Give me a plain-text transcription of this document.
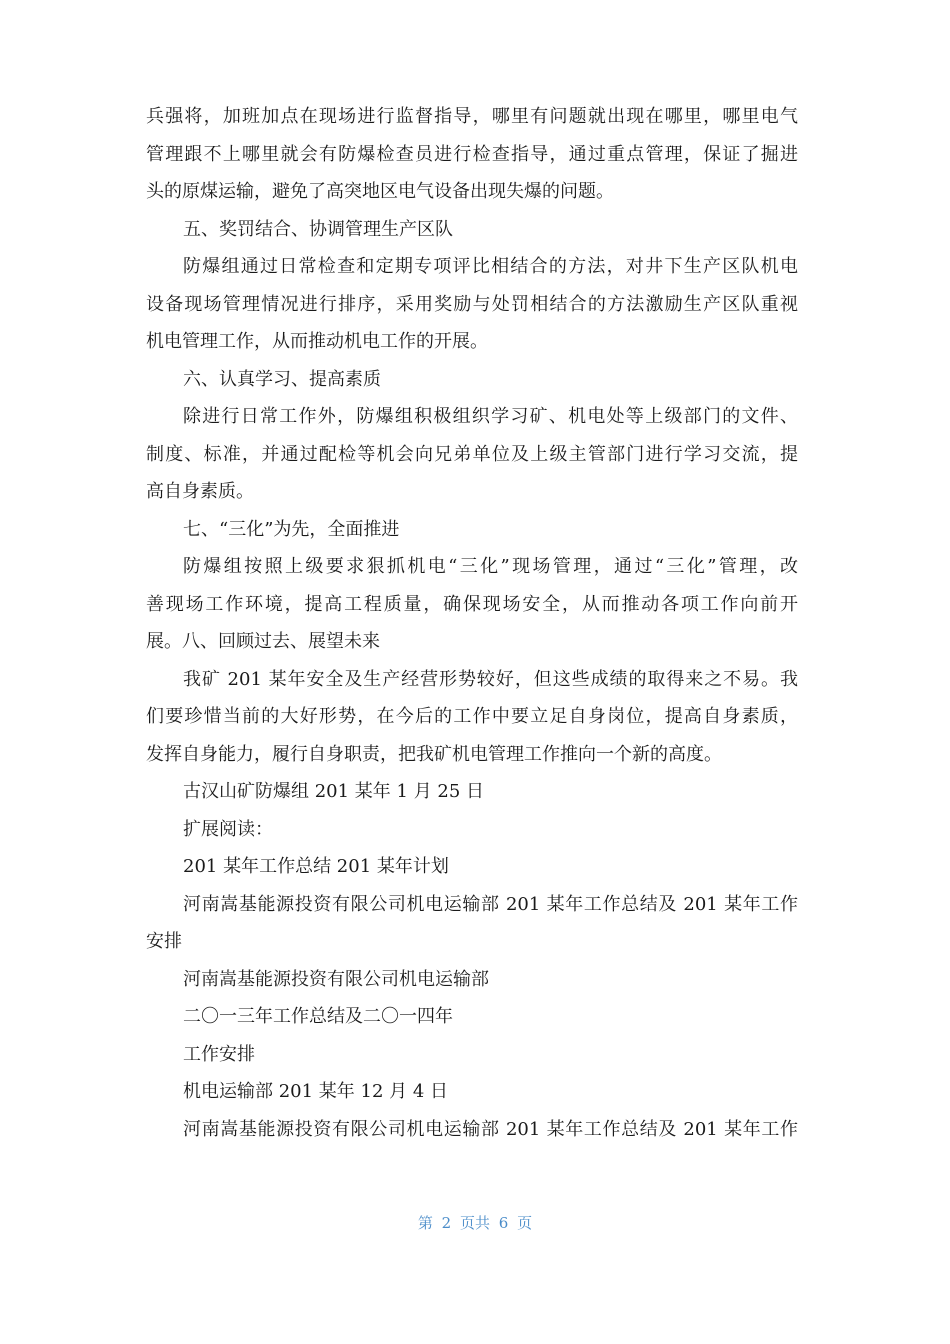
兵强将，加班加点在现场进行监督指导，哪里有问题就出现在哪里，哪里电气
管理跟不上哪里就会有防爆检查员进行检查指导，通过重点管理，保证了掘进
头的原煤运输，避免了高突地区电气设备出现失爆的问题。
五、奖罚结合、协调管理生产区队
防爆组通过日常检查和定期专项评比相结合的方法，对井下生产区队机电
设备现场管理情况进行排序，采用奖励与处罚相结合的方法激励生产区队重视
机电管理工作，从而推动机电工作的开展。
六、认真学习、提高素质
除进行日常工作外，防爆组积极组织学习矿、机电处等上级部门的文件、
制度、标准，并通过配检等机会向兄弟单位及上级主管部门进行学习交流，提
高自身素质。
七、“三化”为先，全面推进
防爆组按照上级要求狠抓机电“三化”现场管理，通过“三化”管理，改
善现场工作环境，提高工程质量，确保现场安全，从而推动各项工作向前开
展。八、回顾过去、展望未来
我矿 201 某年安全及生产经营形势较好，但这些成绩的取得来之不易。我
们要珍惜当前的大好形势，在今后的工作中要立足自身岗位，提高自身素质，
发挥自身能力，履行自身职责，把我矿机电管理工作推向一个新的高度。
古汉山矿防爆组 201 某年 1 月 25 日
扩展阅读：
201 某年工作总结 201 某年计划
河南嵩基能源投资有限公司机电运输部 201 某年工作总结及 201 某年工作
安排
河南嵩基能源投资有限公司机电运输部
二〇一三年工作总结及二〇一四年
工作安排
机电运输部 201 某年 12 月 4 日
河南嵩基能源投资有限公司机电运输部 201 某年工作总结及 201 某年工作
第 2 页共 6 页
